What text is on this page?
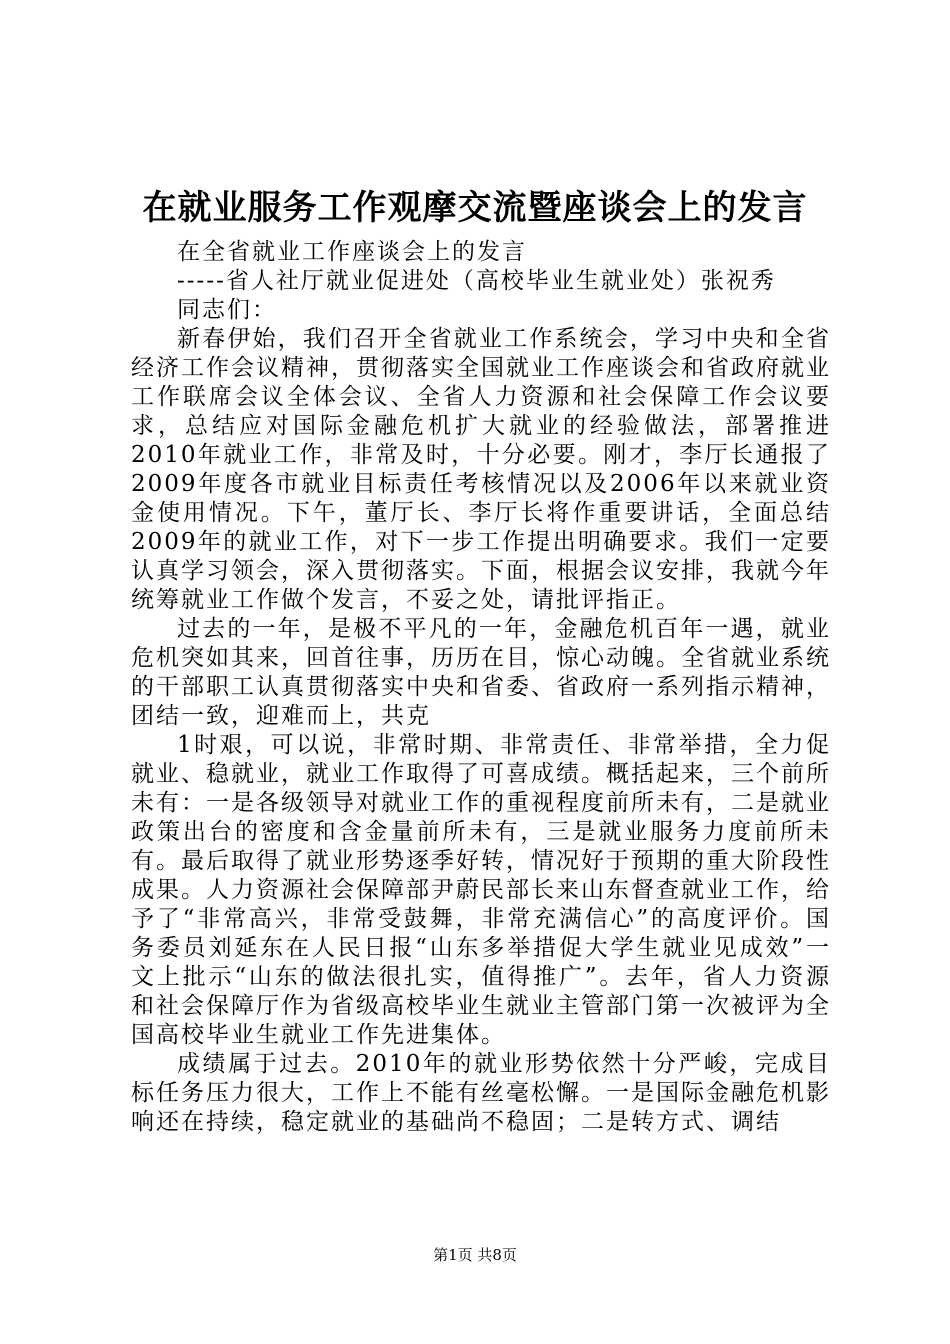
在就业服务工作观摩交流暨座谈会上的发言

在全省就业工作座谈会上的发言

-----省人社厅就业促进处（高校毕业生就业处）张祝秀

同志们：

新春伊始，我们召开全省就业工作系统会，学习中央和全省经济工作会议精神，贯彻落实全国就业工作座谈会和省政府就业工作联席会议全体会议、全省人力资源和社会保障工作会议要求，总结应对国际金融危机扩大就业的经验做法，部署推进2010年就业工作，非常及时，十分必要。刚才，李厅长通报了2009年度各市就业目标责任考核情况以及2006年以来就业资金使用情况。下午，董厅长、李厅长将作重要讲话，全面总结2009年的就业工作，对下一步工作提出明确要求。我们一定要认真学习领会，深入贯彻落实。下面，根据会议安排，我就今年统筹就业工作做个发言，不妥之处，请批评指正。

过去的一年，是极不平凡的一年，金融危机百年一遇，就业危机突如其来，回首往事，历历在目，惊心动魄。全省就业系统的干部职工认真贯彻落实中央和省委、省政府一系列指示精神，团结一致，迎难而上，共克

1时艰，可以说，非常时期、非常责任、非常举措，全力促就业、稳就业，就业工作取得了可喜成绩。概括起来，三个前所未有：一是各级领导对就业工作的重视程度前所未有，二是就业政策出台的密度和含金量前所未有，三是就业服务力度前所未有。最后取得了就业形势逐季好转，情况好于预期的重大阶段性成果。人力资源社会保障部尹蔚民部长来山东督查就业工作，给予了“非常高兴，非常受鼓舞，非常充满信心”的高度评价。国务委员刘延东在人民日报“山东多举措促大学生就业见成效”一文上批示“山东的做法很扎实，值得推广”。去年，省人力资源和社会保障厅作为省级高校毕业生就业主管部门第一次被评为全国高校毕业生就业工作先进集体。

成绩属于过去。2010年的就业形势依然十分严峻，完成目标任务压力很大，工作上不能有丝毫松懈。一是国际金融危机影响还在持续，稳定就业的基础尚不稳固；二是转方式、调结

第1页 共8页
